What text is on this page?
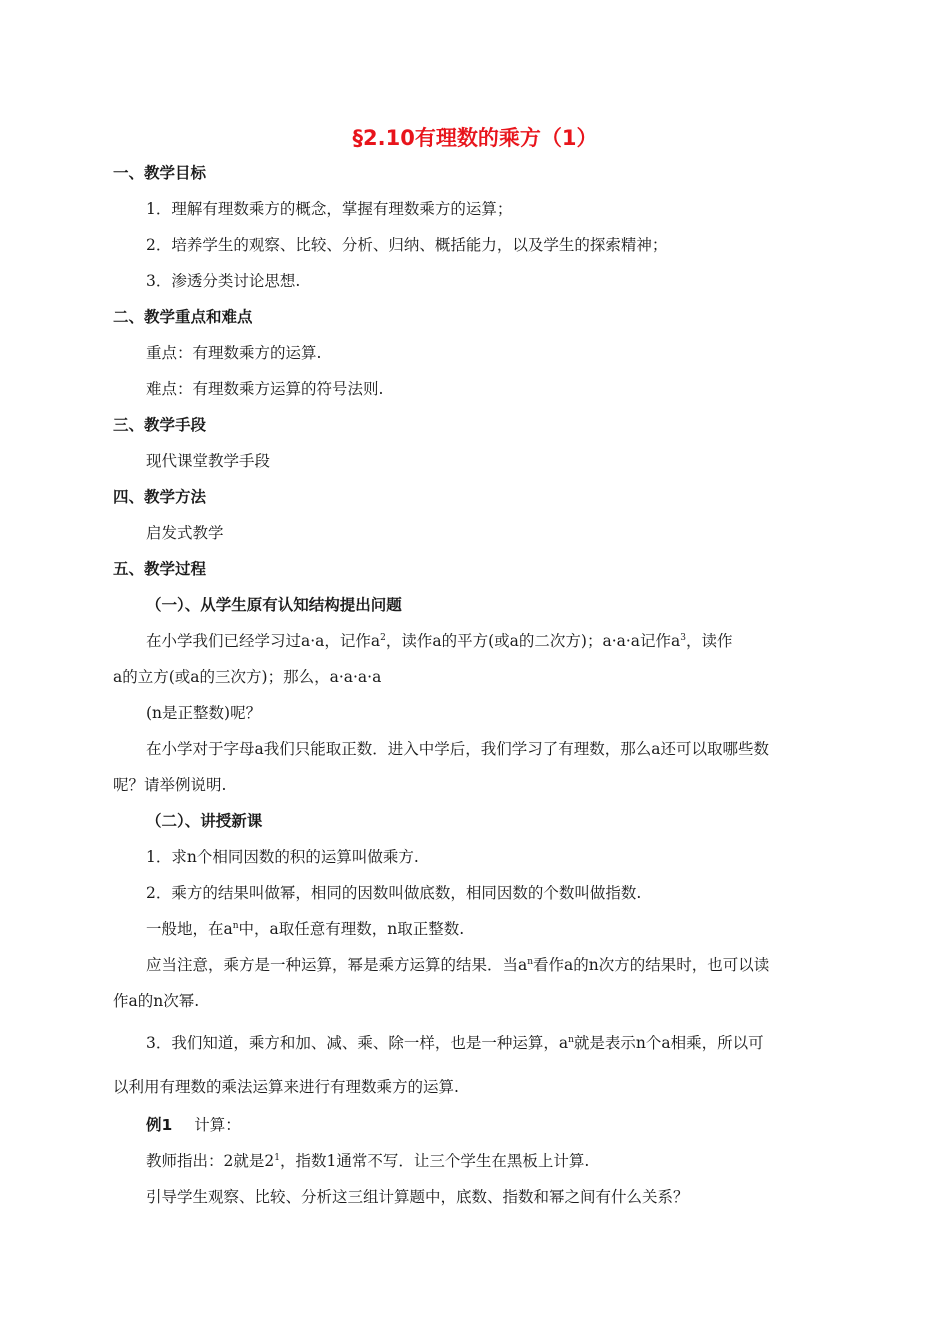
§2.10有理数的乘方（1）
一、教学目标
1．理解有理数乘方的概念，掌握有理数乘方的运算；
2．培养学生的观察、比较、分析、归纳、概括能力，以及学生的探索精神；
3．渗透分类讨论思想.
二、教学重点和难点
重点：有理数乘方的运算.
难点：有理数乘方运算的符号法则.
三、教学手段
现代课堂教学手段
四、教学方法
启发式教学
五、教学过程
（一）、从学生原有认知结构提出问题
在小学我们已经学习过a·a，记作$a^2$，读作a的平方(或a的二次方)；a·a·a记作$a^3$，读作
a的立方(或a的三次方)；那么，a·a·a·a
(n是正整数)呢？
在小学对于字母a我们只能取正数．进入中学后，我们学习了有理数，那么a还可以取哪些数
呢？请举例说明.
（二）、讲授新课
1．求n个相同因数的积的运算叫做乘方.
2．乘方的结果叫做幂，相同的因数叫做底数，相同因数的个数叫做指数.
一般地，在$a^n$中，a取任意有理数，n取正整数.
应当注意，乘方是一种运算，幂是乘方运算的结果．当$a^n$看作a的n次方的结果时，也可以读
作a的n次幂.
3．我们知道，乘方和加、减、乘、除一样，也是一种运算，$a^n$就是表示n个a相乘，所以可
以利用有理数的乘法运算来进行有理数乘方的运算.
例1 计算：
教师指出：2就是$2^1$，指数1通常不写．让三个学生在黑板上计算.
引导学生观察、比较、分析这三组计算题中，底数、指数和幂之间有什么关系？
